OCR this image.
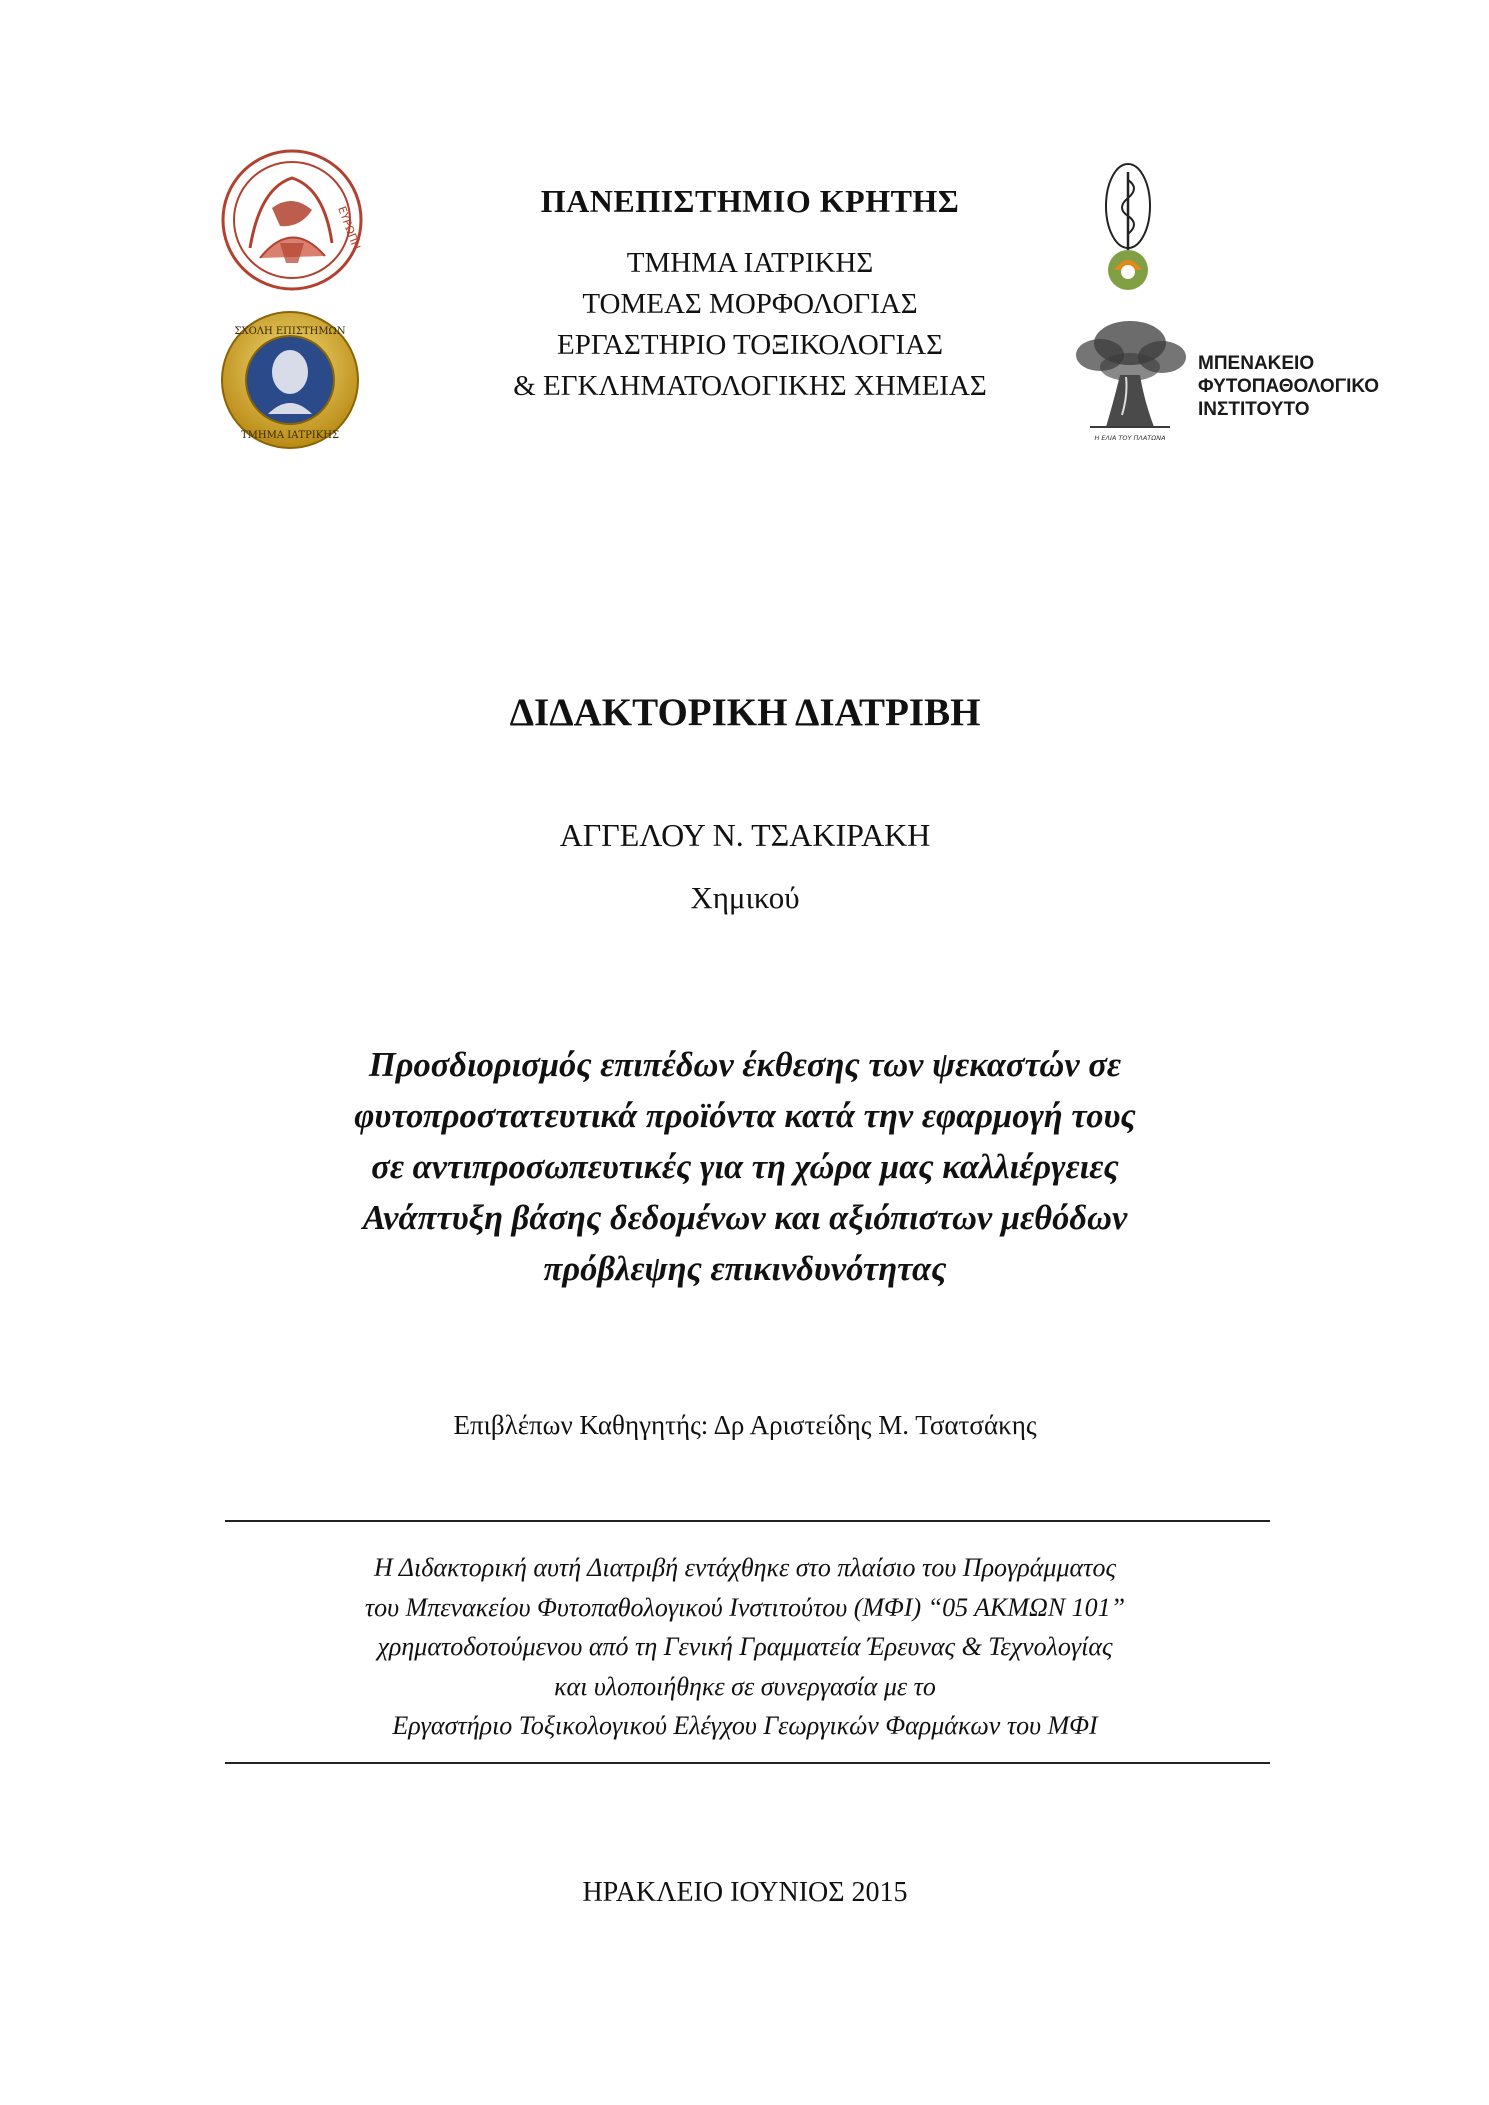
ΕΥΡΩΠΗ
ΣΧΟΛΗ ΕΠΙΣΤΗΜΩΝ
ΤΜΗΜΑ ΙΑΤΡΙΚΗΣ
ΠΑΝΕΠΙΣΤΗΜΙΟ ΚΡΗΤΗΣ
ΤΜΗΜΑ ΙΑΤΡΙΚΗΣ
ΤΟΜΕΑΣ ΜΟΡΦΟΛΟΓΙΑΣ
ΕΡΓΑΣΤΗΡΙΟ ΤΟΞΙΚΟΛΟΓΙΑΣ
& ΕΓΚΛΗΜΑΤΟΛΟΓΙΚΗΣ ΧΗΜΕΙΑΣ
Η ΕΛΙΑ ΤΟΥ ΠΛΑΤΩΝΑ
ΜΠΕΝΑΚΕΙΟ
ΦΥΤΟΠΑΘΟΛΟΓΙΚΟ
ΙΝΣΤΙΤΟΥΤΟ
ΔΙΔΑΚΤΟΡΙΚΗ ΔΙΑΤΡΙΒΗ
ΑΓΓΕΛΟΥ Ν. ΤΣΑΚΙΡΑΚΗ
Χημικού
Προσδιορισμός επιπέδων έκθεσης των ψεκαστών σε
φυτοπροστατευτικά προϊόντα κατά την εφαρμογή τους
σε αντιπροσωπευτικές για τη χώρα μας καλλιέργειες
Ανάπτυξη βάσης δεδομένων και αξιόπιστων μεθόδων
πρόβλεψης επικινδυνότητας
Επιβλέπων Καθηγητής: Δρ Αριστείδης Μ. Τσατσάκης
Η Διδακτορική αυτή Διατριβή εντάχθηκε στο πλαίσιο του Προγράμματος
του Μπενακείου Φυτοπαθολογικού Ινστιτούτου (ΜΦΙ) “05 ΑΚΜΩΝ 101”
χρηματοδοτούμενου από τη Γενική Γραμματεία Έρευνας & Τεχνολογίας
και υλοποιήθηκε σε συνεργασία με το
Εργαστήριο Τοξικολογικού Ελέγχου Γεωργικών Φαρμάκων του ΜΦΙ
ΗΡΑΚΛΕΙΟ ΙΟΥΝΙΟΣ 2015
